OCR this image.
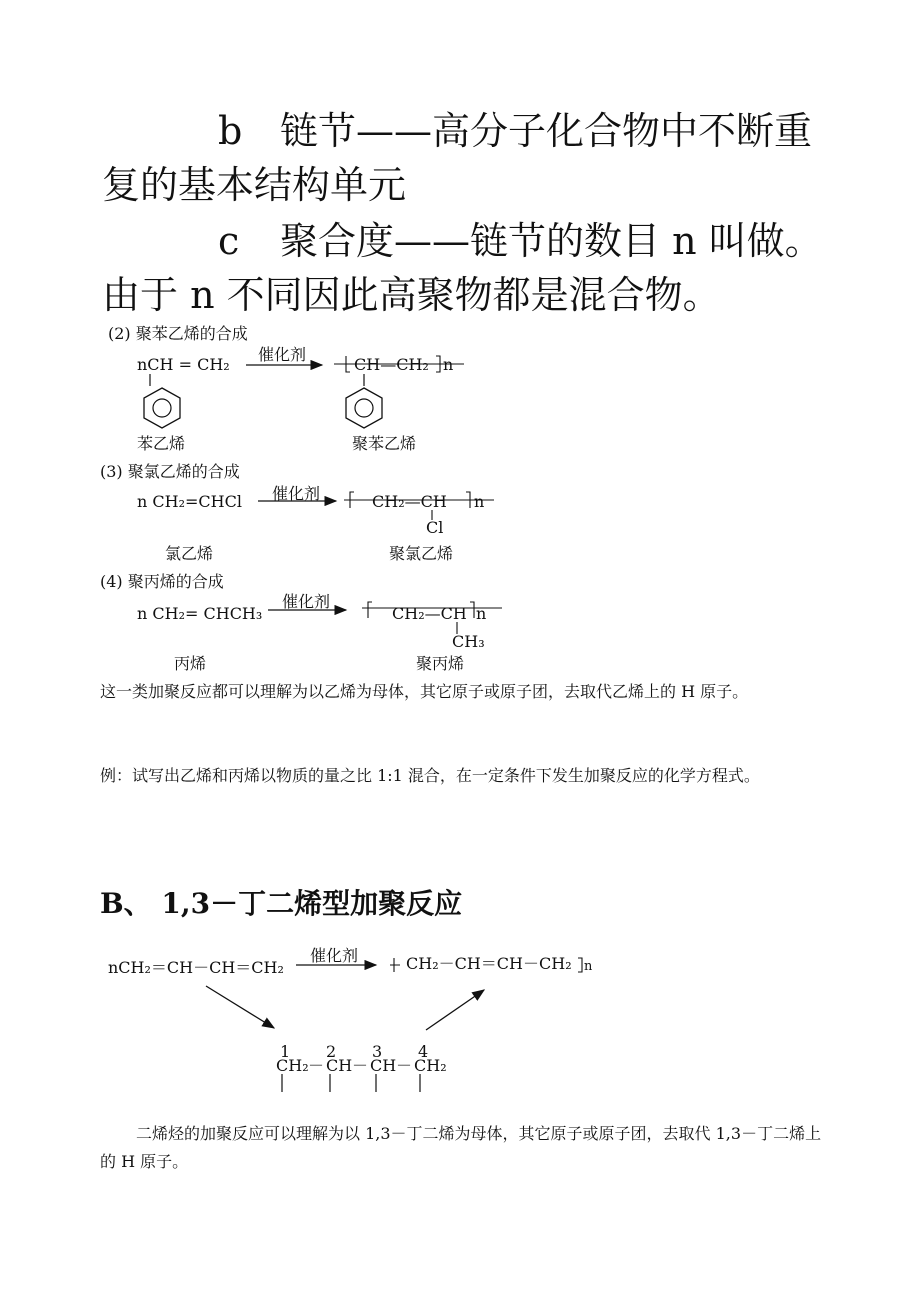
b 链节——高分子化合物中不断重
复的基本结构单元
c 聚合度——链节的数目 n 叫做。
由于 n 不同因此高聚物都是混合物。
(2) 聚苯乙烯的合成
nCH = CH₂
催化剂
CH—CH₂ n
苯乙烯	聚苯乙烯
(3) 聚氯乙烯的合成
n CH₂=CHCl 催化剂	CH₂—CH
Cl
n
氯乙烯	聚氯乙烯
(4) 聚丙烯的合成
n CH₂= CHCH₃
催化剂
CH₂—CH
CH₃
n
丙烯	聚丙烯
这一类加聚反应都可以理解为以乙烯为母体，其它原子或原子团，去取代乙烯上的 H 原子。
例：试写出乙烯和丙烯以物质的量之比 1:1 混合，在一定条件下发生加聚反应的化学方程式。
B、 1,3－丁二烯型加聚反应
nCH₂＝CH－CH＝CH₂
催化剂	CH₂－CH＝CH－CH₂ n
1 2 3 4
CH₂ － CH － CH － CH₂
二烯烃的加聚反应可以理解为以 1,3－丁二烯为母体，其它原子或原子团，去取代 1,3－丁二烯上的 H 原子。
